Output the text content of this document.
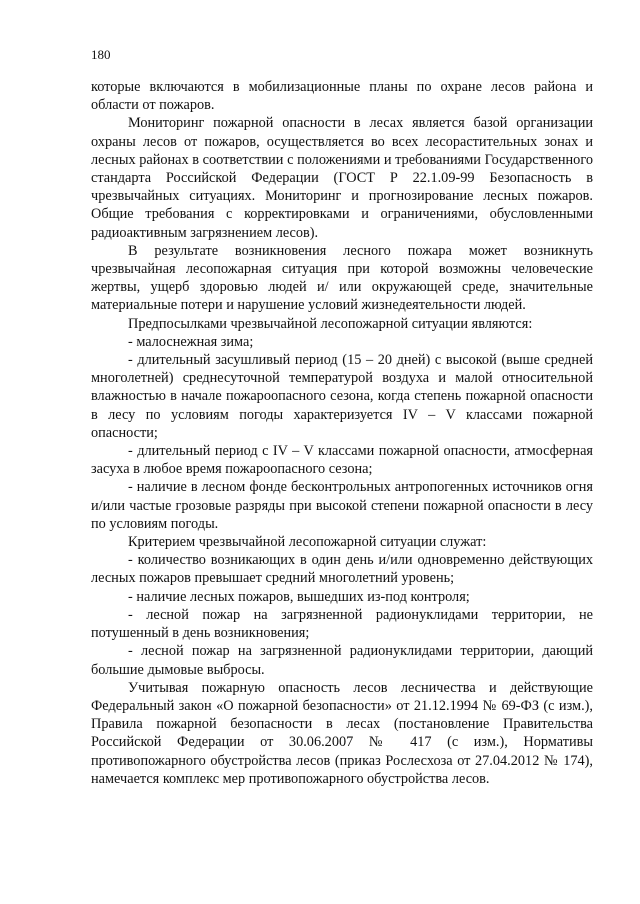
180

которые включаются в мобилизационные планы по охране лесов района и области от пожаров.

Мониторинг пожарной опасности в лесах является базой организации охраны лесов от пожаров, осуществляется во всех лесорастительных зонах и лесных районах в соответствии с положениями и требованиями Государственного стандарта Российской Федерации (ГОСТ Р 22.1.09-99 Безопасность в чрезвычайных ситуациях. Мониторинг и прогнозирование лесных пожаров. Общие требования с корректировками и ограничениями, обусловленными радиоактивным загрязнением лесов).

В результате возникновения лесного пожара может возникнуть чрезвычайная лесопожарная ситуация при которой возможны человеческие жертвы, ущерб здоровью людей и/ или окружающей среде, значительные материальные потери и нарушение условий жизнедеятельности людей.

Предпосылками чрезвычайной лесопожарной ситуации являются:

- малоснежная зима;

- длительный засушливый период (15 – 20 дней) с высокой (выше средней многолетней) среднесуточной температурой воздуха и малой относительной влажностью в начале пожароопасного сезона, когда степень пожарной опасности в лесу по условиям погоды характеризуется IV – V классами пожарной опасности;

- длительный период с IV – V классами пожарной опасности, атмосферная засуха в любое время пожароопасного сезона;

- наличие в лесном фонде бесконтрольных антропогенных источников огня и/или частые грозовые разряды при высокой степени пожарной опасности в лесу по условиям погоды.

Критерием чрезвычайной лесопожарной ситуации служат:

- количество возникающих в один день и/или одновременно действующих лесных пожаров превышает средний многолетний уровень;

- наличие лесных пожаров, вышедших из-под контроля;

- лесной пожар на загрязненной радионуклидами территории, не потушенный в день возникновения;

- лесной пожар на загрязненной радионуклидами территории, дающий большие дымовые выбросы.

Учитывая пожарную опасность лесов лесничества и действующие Федеральный закон «О пожарной безопасности» от 21.12.1994 № 69-ФЗ (с изм.), Правила пожарной безопасности в лесах (постановление Правительства Российской Федерации от 30.06.2007 № 417 (с изм.), Нормативы противопожарного обустройства лесов (приказ Рослесхоза от 27.04.2012 № 174), намечается комплекс мер противопожарного обустройства лесов.
